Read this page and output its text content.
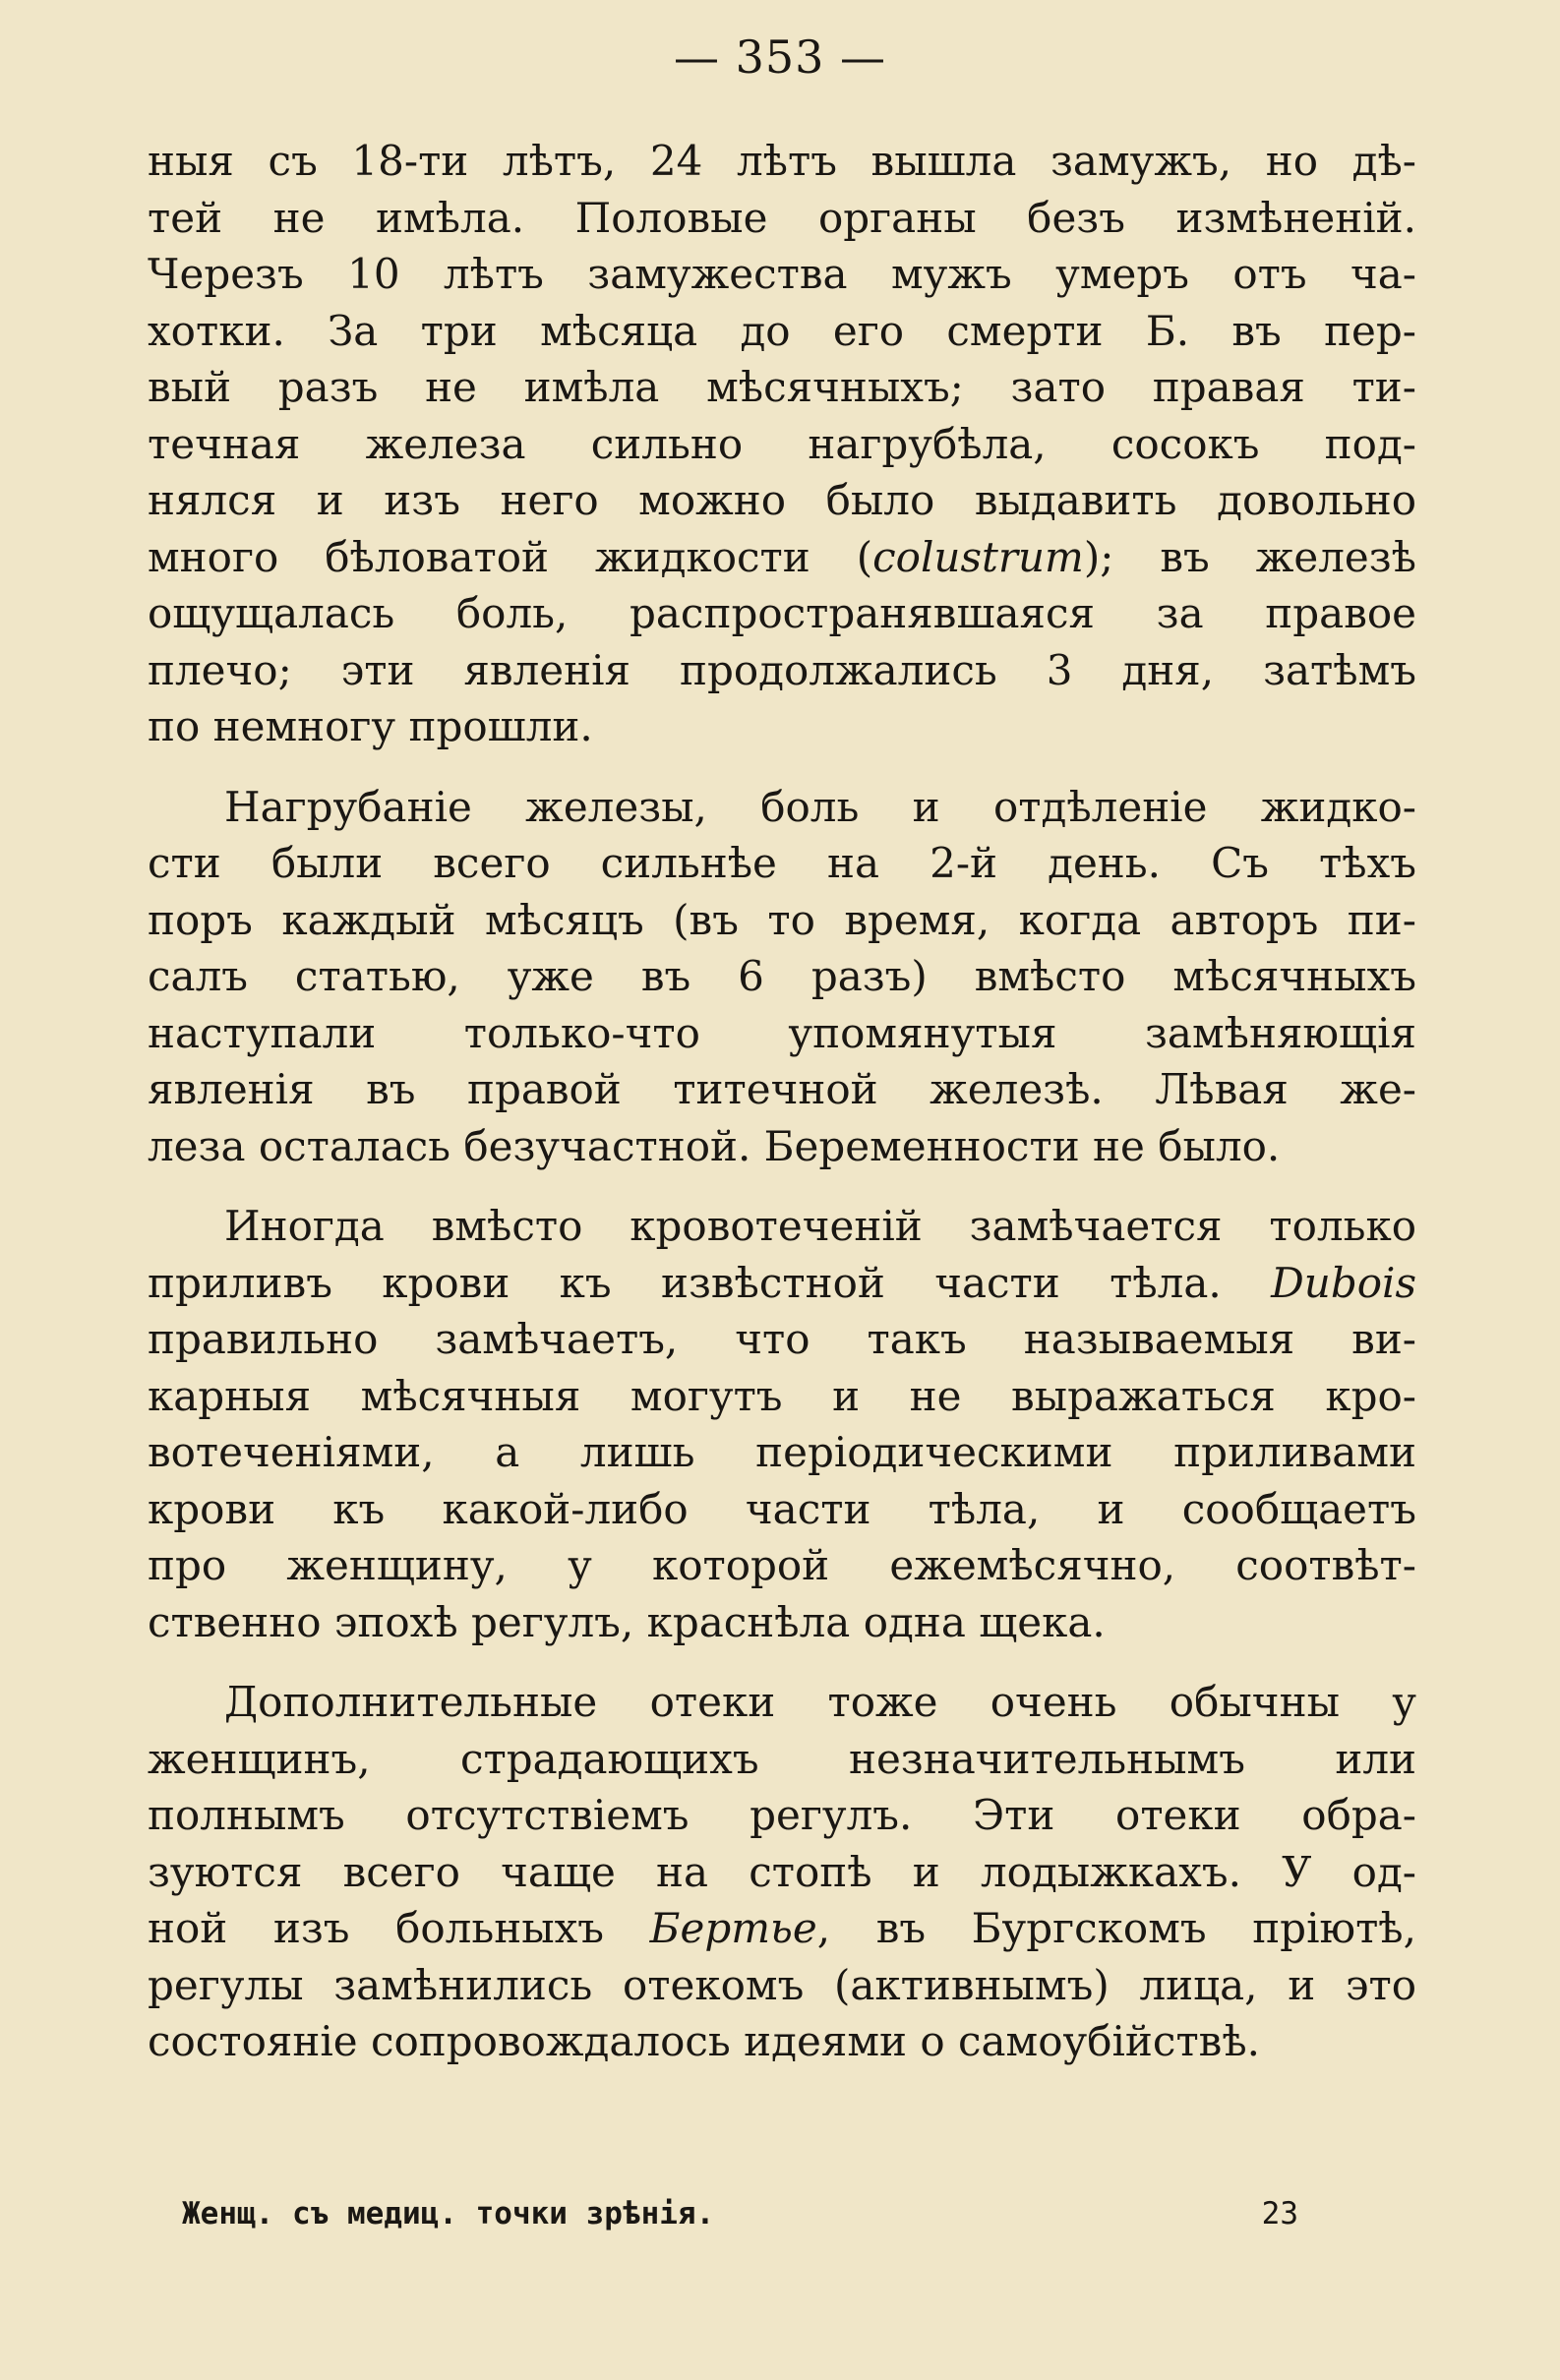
— 353 —
ныя съ 18-ти лѣтъ, 24 лѣтъ вышла замужъ, но дѣ-
тей не имѣла. Половые органы безъ измѣненій.
Черезъ 10 лѣтъ замужества мужъ умеръ отъ ча-
хотки. За три мѣсяца до его смерти Б. въ пер-
вый разъ не имѣла мѣсячныхъ; зато правая ти-
течная железа сильно нагрубѣла, сосокъ под-
нялся и изъ него можно было выдавить довольно
много бѣловатой жидкости (colustrum); въ железѣ
ощущалась боль, распространявшаяся за правое
плечо; эти явленія продолжались 3 дня, затѣмъ
по немногу прошли.
Нагрубаніе железы, боль и отдѣленіе жидко-
сти были всего сильнѣе на 2-й день. Съ тѣхъ
поръ каждый мѣсяцъ (въ то время, когда авторъ пи-
салъ статью, уже въ 6 разъ) вмѣсто мѣсячныхъ
наступали только-что упомянутыя замѣняющія
явленія въ правой титечной железѣ. Лѣвая же-
леза осталась безучастной. Беременности не было.
Иногда вмѣсто кровотеченій замѣчается только
приливъ крови къ извѣстной части тѣла. Dubois
правильно замѣчаетъ, что такъ называемыя ви-
карныя мѣсячныя могутъ и не выражаться кро-
вотеченіями, а лишь періодическими приливами
крови къ какой-либо части тѣла, и сообщаетъ
про женщину, у которой ежемѣсячно, соотвѣт-
ственно эпохѣ регулъ, краснѣла одна щека.
Дополнительные отеки тоже очень обычны у
женщинъ, страдающихъ незначительнымъ или
полнымъ отсутствіемъ регулъ. Эти отеки обра-
зуются всего чаще на стопѣ и лодыжкахъ. У од-
ной изъ больныхъ Бертье, въ Бургскомъ пріютѣ,
регулы замѣнились отекомъ (активнымъ) лица, и это
состояніе сопровождалось идеями о самоубійствѣ.
Женщ. съ медиц. точки зрѣнія.	23
